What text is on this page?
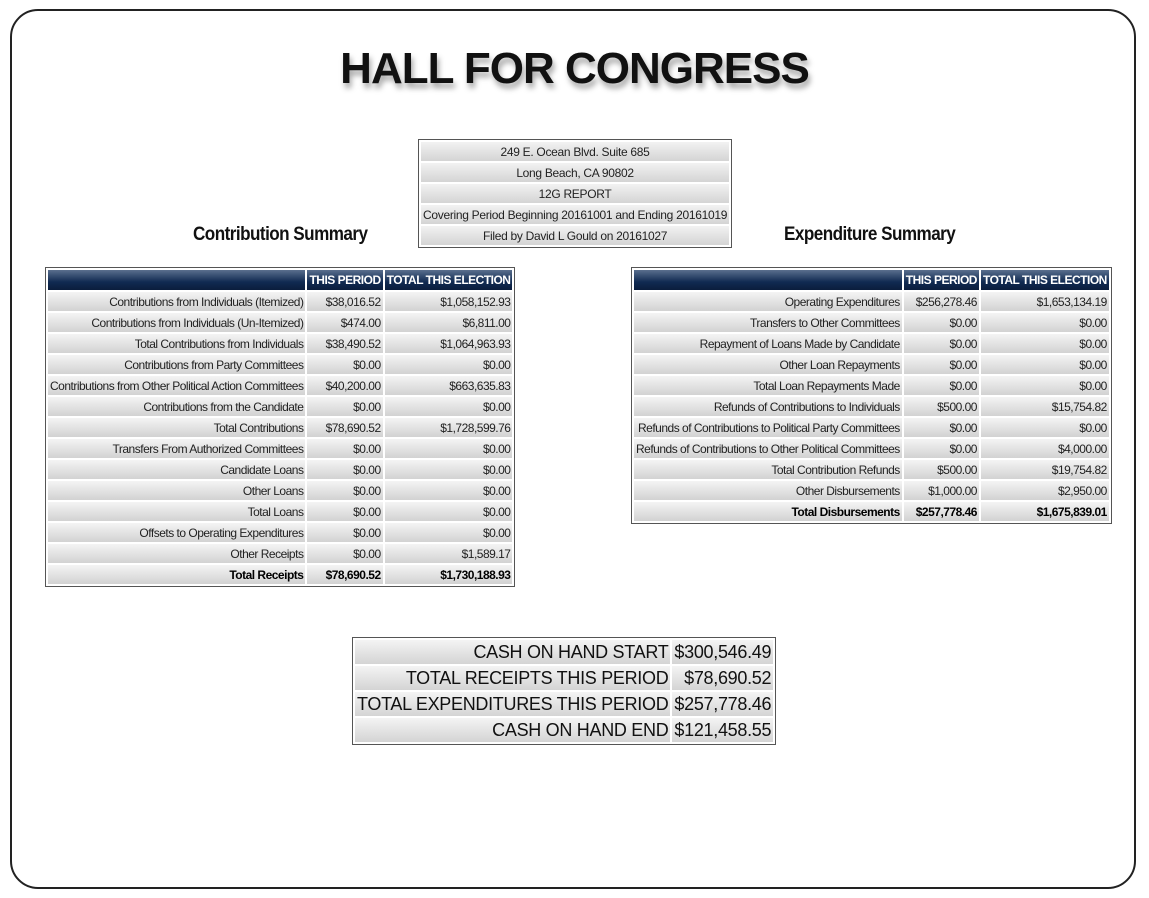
HALL FOR CONGRESS
249 E. Ocean Blvd. Suite 685
Long Beach, CA 90802
12G REPORT
Covering Period Beginning 20161001 and Ending 20161019
Filed by David L Gould on 20161027
Contribution Summary	Expenditure Summary
	THIS PERIOD	TOTAL THIS ELECTION
Contributions from Individuals (Itemized)	$38,016.52	$1,058,152.93
Contributions from Individuals (Un-Itemized)	$474.00	$6,811.00
Total Contributions from Individuals	$38,490.52	$1,064,963.93
Contributions from Party Committees	$0.00	$0.00
Contributions from Other Political Action Committees	$40,200.00	$663,635.83
Contributions from the Candidate	$0.00	$0.00
Total Contributions	$78,690.52	$1,728,599.76
Transfers From Authorized Committees	$0.00	$0.00
Candidate Loans	$0.00	$0.00
Other Loans	$0.00	$0.00
Total Loans	$0.00	$0.00
Offsets to Operating Expenditures	$0.00	$0.00
Other Receipts	$0.00	$1,589.17
Total Receipts	$78,690.52	$1,730,188.93
	THIS PERIOD	TOTAL THIS ELECTION
Operating Expenditures	$256,278.46	$1,653,134.19
Transfers to Other Committees	$0.00	$0.00
Repayment of Loans Made by Candidate	$0.00	$0.00
Other Loan Repayments	$0.00	$0.00
Total Loan Repayments Made	$0.00	$0.00
Refunds of Contributions to Individuals	$500.00	$15,754.82
Refunds of Contributions to Political Party Committees	$0.00	$0.00
Refunds of Contributions to Other Political Committees	$0.00	$4,000.00
Total Contribution Refunds	$500.00	$19,754.82
Other Disbursements	$1,000.00	$2,950.00
Total Disbursements	$257,778.46	$1,675,839.01
CASH ON HAND START	$300,546.49
TOTAL RECEIPTS THIS PERIOD	$78,690.52
TOTAL EXPENDITURES THIS PERIOD	$257,778.46
CASH ON HAND END	$121,458.55
